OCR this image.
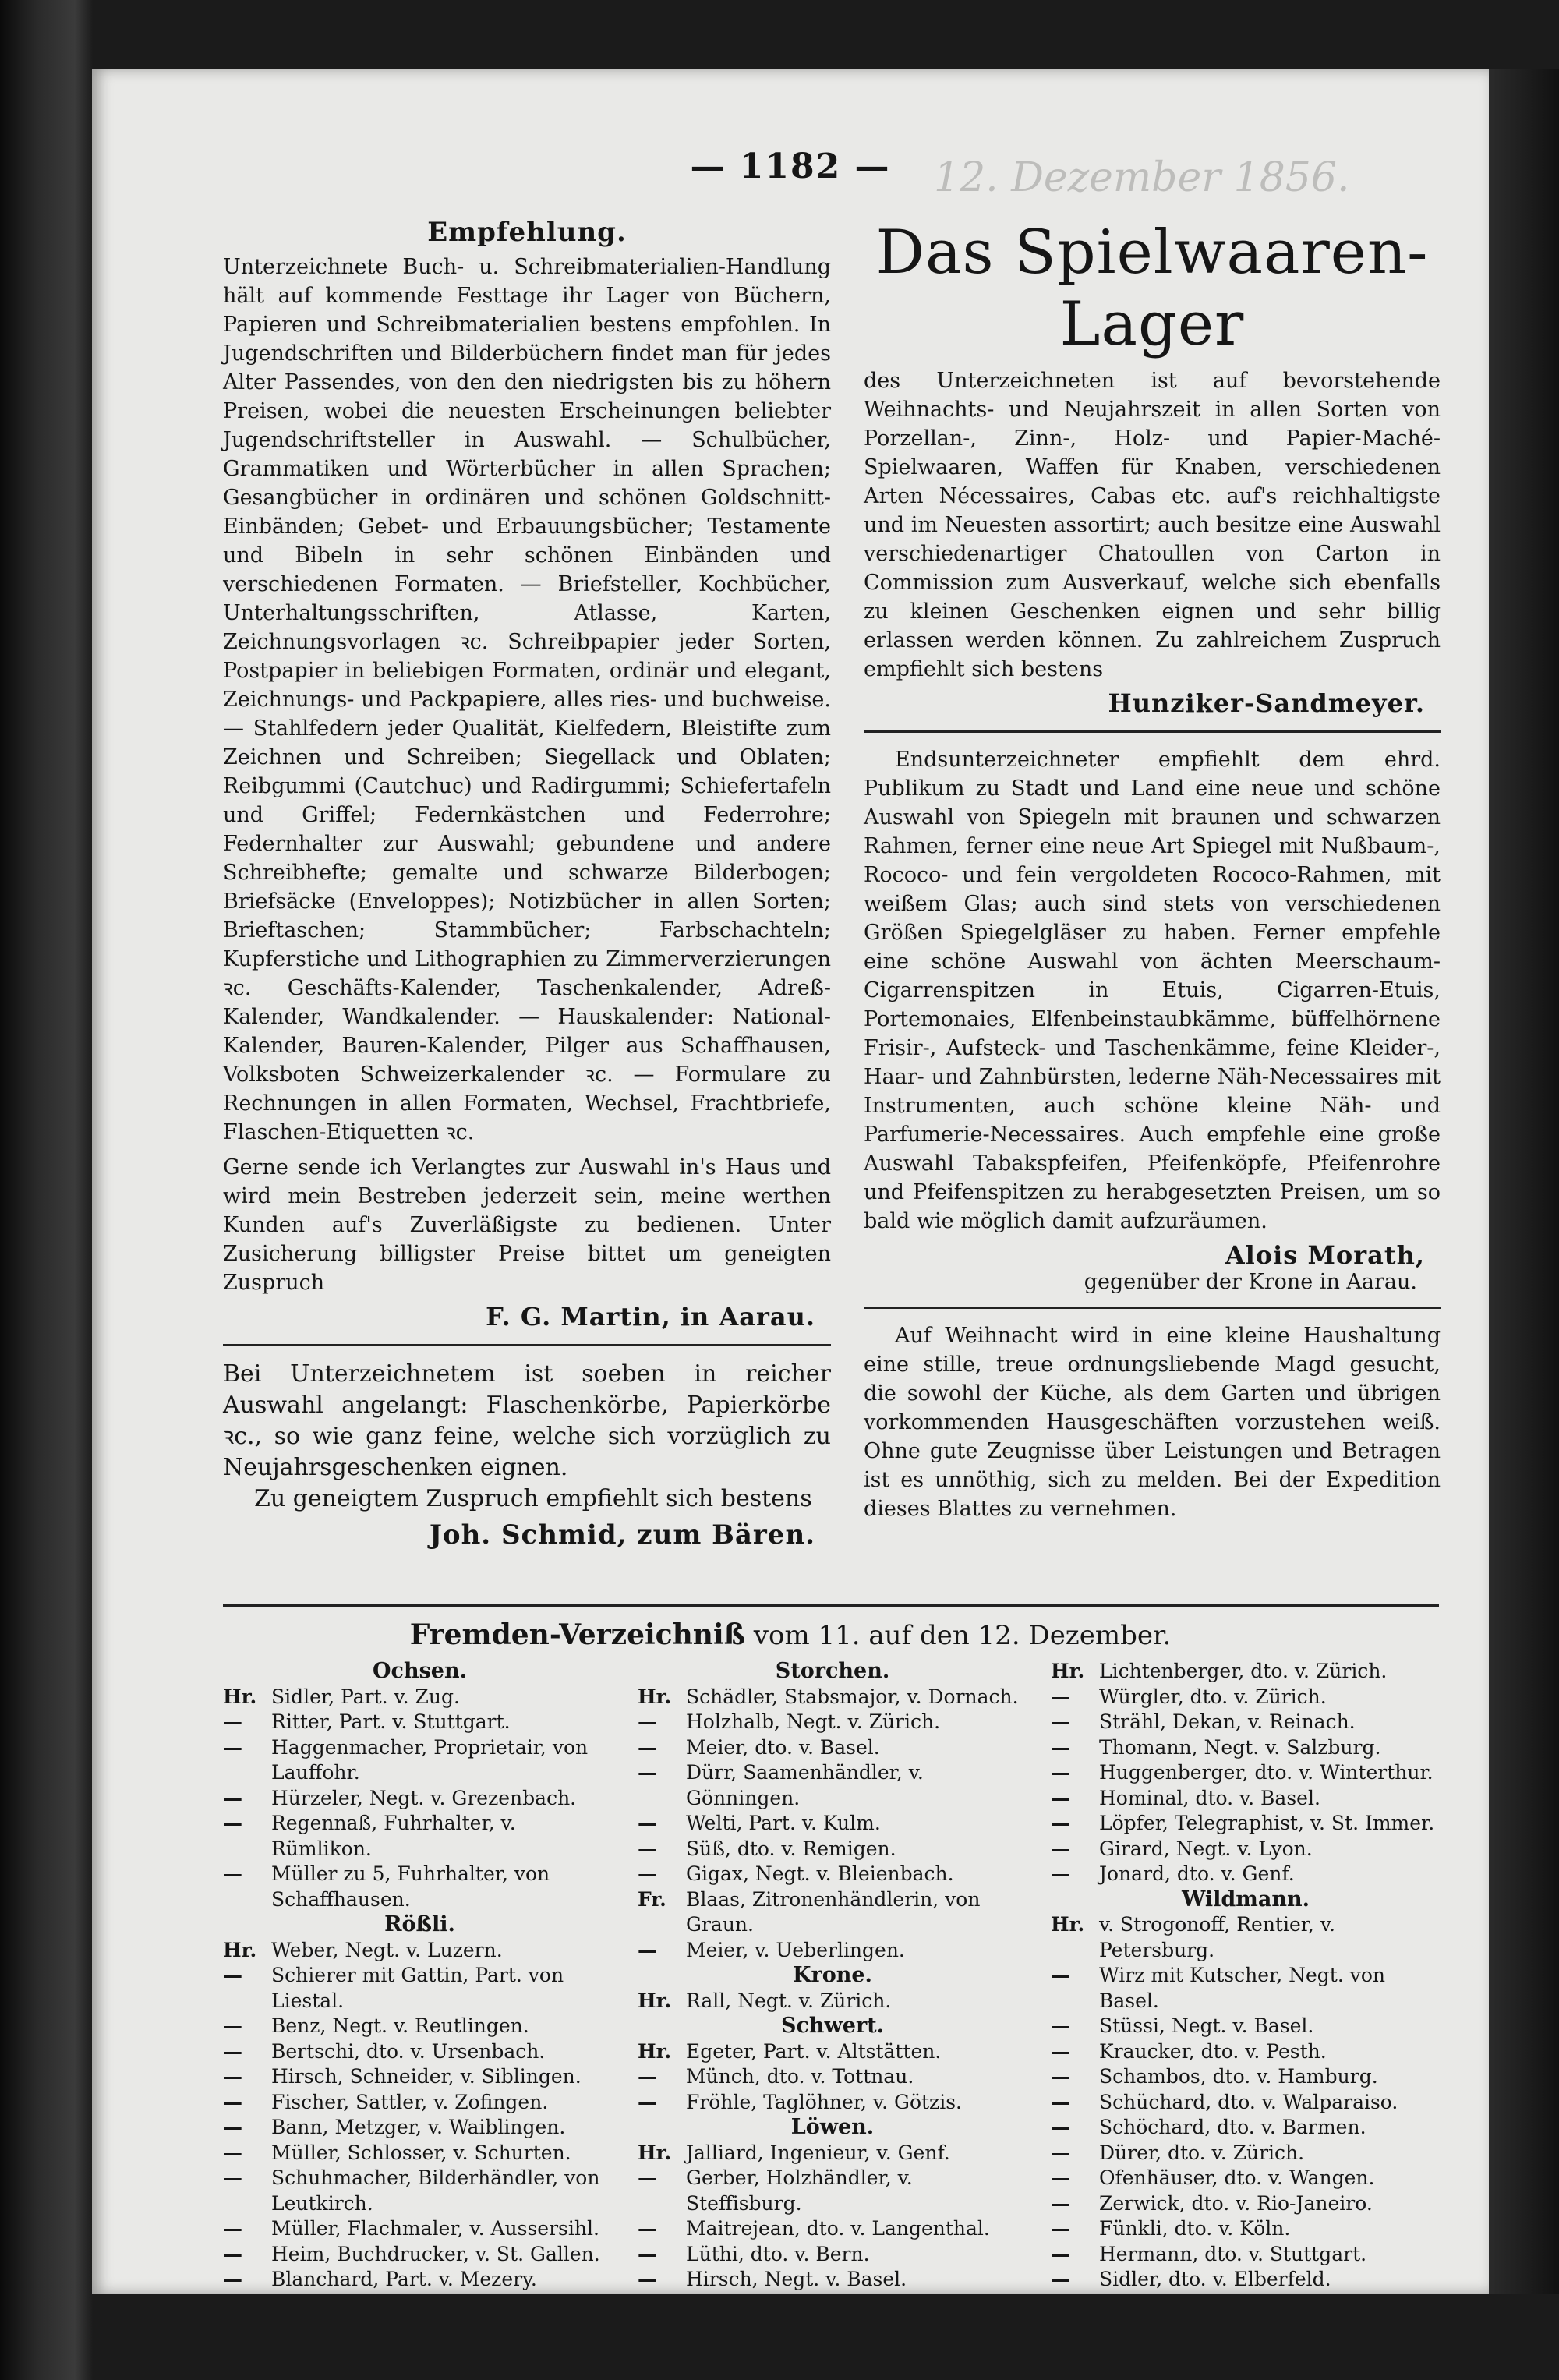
12. Dezember 1856.
— 1182 —

Empfehlung.

Unterzeichnete Buch- u. Schreibmaterialien-Handlung hält auf kommende Festtage ihr Lager von Büchern, Papieren und Schreibmaterialien bestens empfohlen. In Jugendschriften und Bilderbüchern findet man für jedes Alter Passendes, von den den niedrigsten bis zu höhern Preisen, wobei die neuesten Erscheinungen beliebter Jugendschriftsteller in Auswahl. — Schulbücher, Grammatiken und Wörterbücher in allen Sprachen; Gesangbücher in ordinären und schönen Goldschnitt-Einbänden; Gebet- und Erbauungsbücher; Testamente und Bibeln in sehr schönen Einbänden und verschiedenen Formaten. — Briefsteller, Kochbücher, Unterhaltungsschriften, Atlasse, Karten, Zeichnungsvorlagen ꝛc. Schreibpapier jeder Sorten, Postpapier in beliebigen Formaten, ordinär und elegant, Zeichnungs- und Packpapiere, alles ries- und buchweise. — Stahlfedern jeder Qualität, Kielfedern, Bleistifte zum Zeichnen und Schreiben; Siegellack und Oblaten; Reibgummi (Cautchuc) und Radirgummi; Schiefertafeln und Griffel; Federnkästchen und Federrohre; Federnhalter zur Auswahl; gebundene und andere Schreibhefte; gemalte und schwarze Bilderbogen; Briefsäcke (Enveloppes); Notizbücher in allen Sorten; Brieftaschen; Stammbücher; Farbschachteln; Kupferstiche und Lithographien zu Zimmerverzierungen ꝛc. Geschäfts-Kalender, Taschenkalender, Adreß-Kalender, Wandkalender. — Hauskalender: National-Kalender, Bauren-Kalender, Pilger aus Schaffhausen, Volksboten Schweizerkalender ꝛc. — Formulare zu Rechnungen in allen Formaten, Wechsel, Frachtbriefe, Flaschen-Etiquetten ꝛc.

Gerne sende ich Verlangtes zur Auswahl in's Haus und wird mein Bestreben jederzeit sein, meine werthen Kunden auf's Zuverläßigste zu bedienen. Unter Zusicherung billigster Preise bittet um geneigten Zuspruch

F. G. Martin, in Aarau.

Bei Unterzeichnetem ist soeben in reicher Auswahl angelangt: Flaschenkörbe, Papierkörbe ꝛc., so wie ganz feine, welche sich vorzüglich zu Neujahrsgeschenken eignen.

Zu geneigtem Zuspruch empfiehlt sich bestens

Joh. Schmid, zum Bären.

Das Spielwaaren-Lager

des Unterzeichneten ist auf bevorstehende Weihnachts- und Neujahrszeit in allen Sorten von Porzellan-, Zinn-, Holz- und Papier-Maché-Spielwaaren, Waffen für Knaben, verschiedenen Arten Nécessaires, Cabas etc. auf's reichhaltigste und im Neuesten assortirt; auch besitze eine Auswahl verschiedenartiger Chatoullen von Carton in Commission zum Ausverkauf, welche sich ebenfalls zu kleinen Geschenken eignen und sehr billig erlassen werden können. Zu zahlreichem Zuspruch empfiehlt sich bestens

Hunziker-Sandmeyer.

Endsunterzeichneter empfiehlt dem ehrd. Publikum zu Stadt und Land eine neue und schöne Auswahl von Spiegeln mit braunen und schwarzen Rahmen, ferner eine neue Art Spiegel mit Nußbaum-, Rococo- und fein vergoldeten Rococo-Rahmen, mit weißem Glas; auch sind stets von verschiedenen Größen Spiegelgläser zu haben. Ferner empfehle eine schöne Auswahl von ächten Meerschaum-Cigarrenspitzen in Etuis, Cigarren-Etuis, Portemonaies, Elfenbeinstaubkämme, büffelhörnene Frisir-, Aufsteck- und Taschenkämme, feine Kleider-, Haar- und Zahnbürsten, lederne Näh-Necessaires mit Instrumenten, auch schöne kleine Näh- und Parfumerie-Necessaires. Auch empfehle eine große Auswahl Tabakspfeifen, Pfeifenköpfe, Pfeifenrohre und Pfeifenspitzen zu herabgesetzten Preisen, um so bald wie möglich damit aufzuräumen.

Alois Morath,

gegenüber der Krone in Aarau.

Auf Weihnacht wird in eine kleine Haushaltung eine stille, treue ordnungsliebende Magd gesucht, die sowohl der Küche, als dem Garten und übrigen vorkommenden Hausgeschäften vorzustehen weiß. Ohne gute Zeugnisse über Leistungen und Betragen ist es unnöthig, sich zu melden. Bei der Expedition dieses Blattes zu vernehmen.

Fremden-Verzeichniß vom 11. auf den 12. Dezember.
Ochsen.
Hr. Sidler, Part. v. Zug.
—	Ritter, Part. v. Stuttgart.
—	Haggenmacher, Proprietair, von Lauffohr.
—	Hürzeler, Negt. v. Grezenbach.
—	Regennaß, Fuhrhalter, v. Rümlikon.
—	Müller zu 5, Fuhrhalter, von Schaffhausen.
Rößli.
Hr. Weber, Negt. v. Luzern.
—	Schierer mit Gattin, Part. von Liestal.
—	Benz, Negt. v. Reutlingen.
—	Bertschi, dto. v. Ursenbach.
—	Hirsch, Schneider, v. Siblingen.
—	Fischer, Sattler, v. Zofingen.
—	Bann, Metzger, v. Waiblingen.
—	Müller, Schlosser, v. Schurten.
—	Schuhmacher, Bilderhändler, von Leutkirch.
—	Müller, Flachmaler, v. Aussersihl.
—	Heim, Buchdrucker, v. St. Gallen.
—	Blanchard, Part. v. Mezery.
Storchen.
Hr. Schädler, Stabsmajor, v. Dornach.
—	Holzhalb, Negt. v. Zürich.
—	Meier, dto. v. Basel.
—	Dürr, Saamenhändler, v. Gönningen.
—	Welti, Part. v. Kulm.
—	Süß, dto. v. Remigen.
—	Gigax, Negt. v. Bleienbach.
Fr.	Blaas, Zitronenhändlerin, von Graun.
—	Meier, v. Ueberlingen.
Krone.
Hr. Rall, Negt. v. Zürich.
Schwert.
Hr. Egeter, Part. v. Altstätten.
—	Münch, dto. v. Tottnau.
—	Fröhle, Taglöhner, v. Götzis.
Löwen.
Hr. Jalliard, Ingenieur, v. Genf.
—	Gerber, Holzhändler, v. Steffisburg.
—	Maitrejean, dto. v. Langenthal.
—	Lüthi, dto. v. Bern.
—	Hirsch, Negt. v. Basel.
Hr. Lichtenberger, dto. v. Zürich.
—	Würgler, dto. v. Zürich.
—	Strähl, Dekan, v. Reinach.
—	Thomann, Negt. v. Salzburg.
—	Huggenberger, dto. v. Winterthur.
—	Hominal, dto. v. Basel.
—	Löpfer, Telegraphist, v. St. Immer.
—	Girard, Negt. v. Lyon.
—	Jonard, dto. v. Genf.
Wildmann.
Hr. v. Strogonoff, Rentier, v. Petersburg.
—	Wirz mit Kutscher, Negt. von Basel.
—	Stüssi, Negt. v. Basel.
—	Kraucker, dto. v. Pesth.
—	Schambos, dto. v. Hamburg.
—	Schüchard, dto. v. Walparaiso.
—	Schöchard, dto. v. Barmen.
—	Dürer, dto. v. Zürich.
—	Ofenhäuser, dto. v. Wangen.
—	Zerwick, dto. v. Rio-Janeiro.
—	Fünkli, dto. v. Köln.
—	Hermann, dto. v. Stuttgart.
—	Sidler, dto. v. Elberfeld.
